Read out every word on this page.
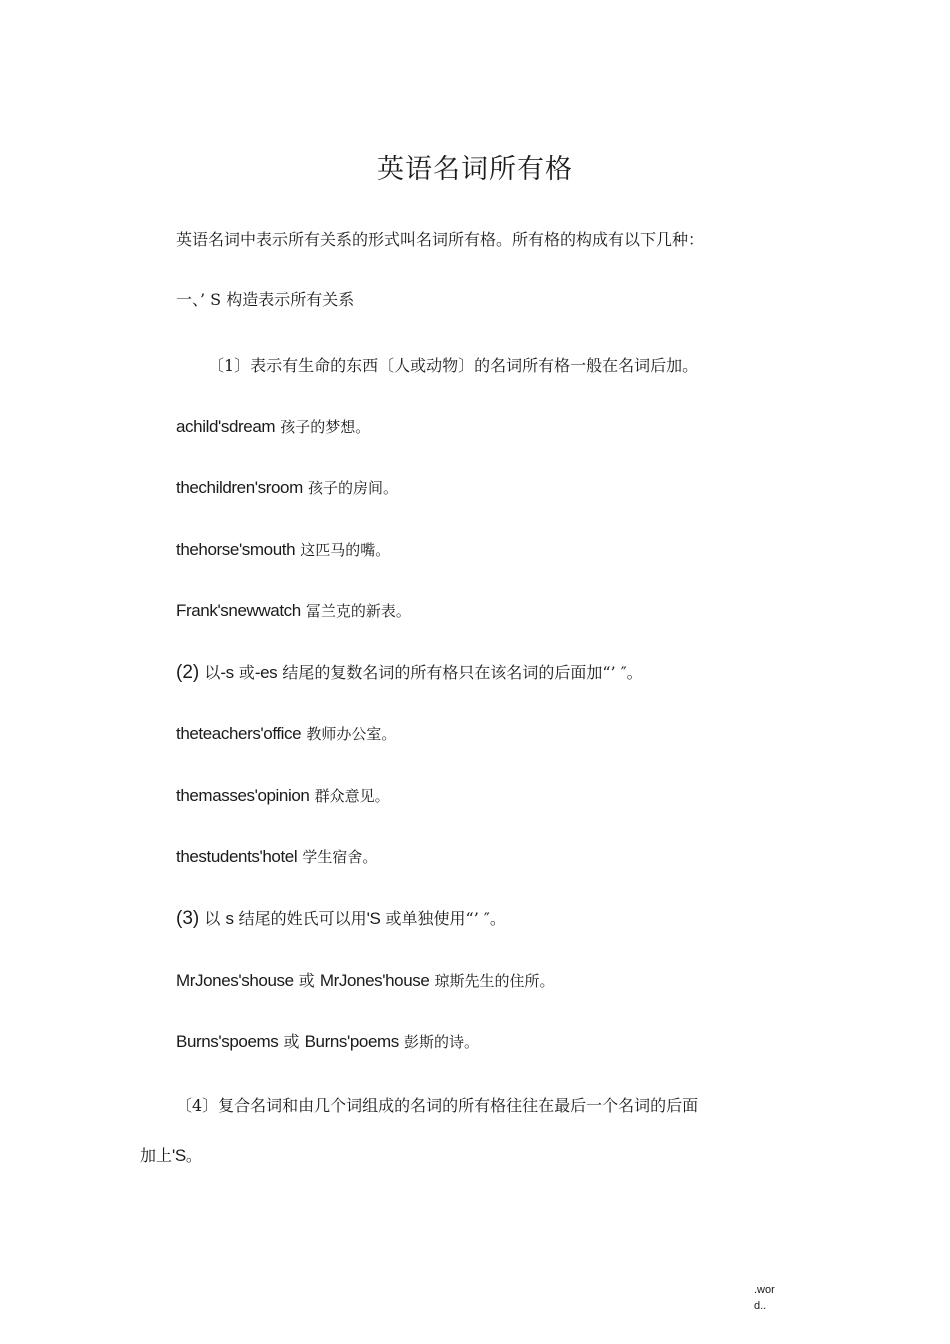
英语名词所有格
英语名词中表示所有关系的形式叫名词所有格。所有格的构成有以下几种：
一、’ S 构造表示所有关系
〔1〕表示有生命的东西〔人或动物〕的名词所有格一般在名词后加。
achild'sdream 孩子的梦想。
thechildren'sroom 孩子的房间。
thehorse'smouth 这匹马的嘴。
Frank'snewwatch 冨兰克的新表。
(2) 以-s 或-es 结尾的复数名词的所有格只在该名词的后面加“’ ″。
theteachers'office 教师办公室。
themasses'opinion 群众意见。
thestudents'hotel 学生宿舍。
(3) 以 s 结尾的姓氏可以用'S 或单独使用“’ ″。
MrJones'shouse 或 MrJones'house 琼斯先生的住所。
Burns'spoems 或 Burns'poems 彭斯的诗。
〔4〕复合名词和由几个词组成的名词的所有格往往在最后一个名词的后面
加上'S。
.word..
